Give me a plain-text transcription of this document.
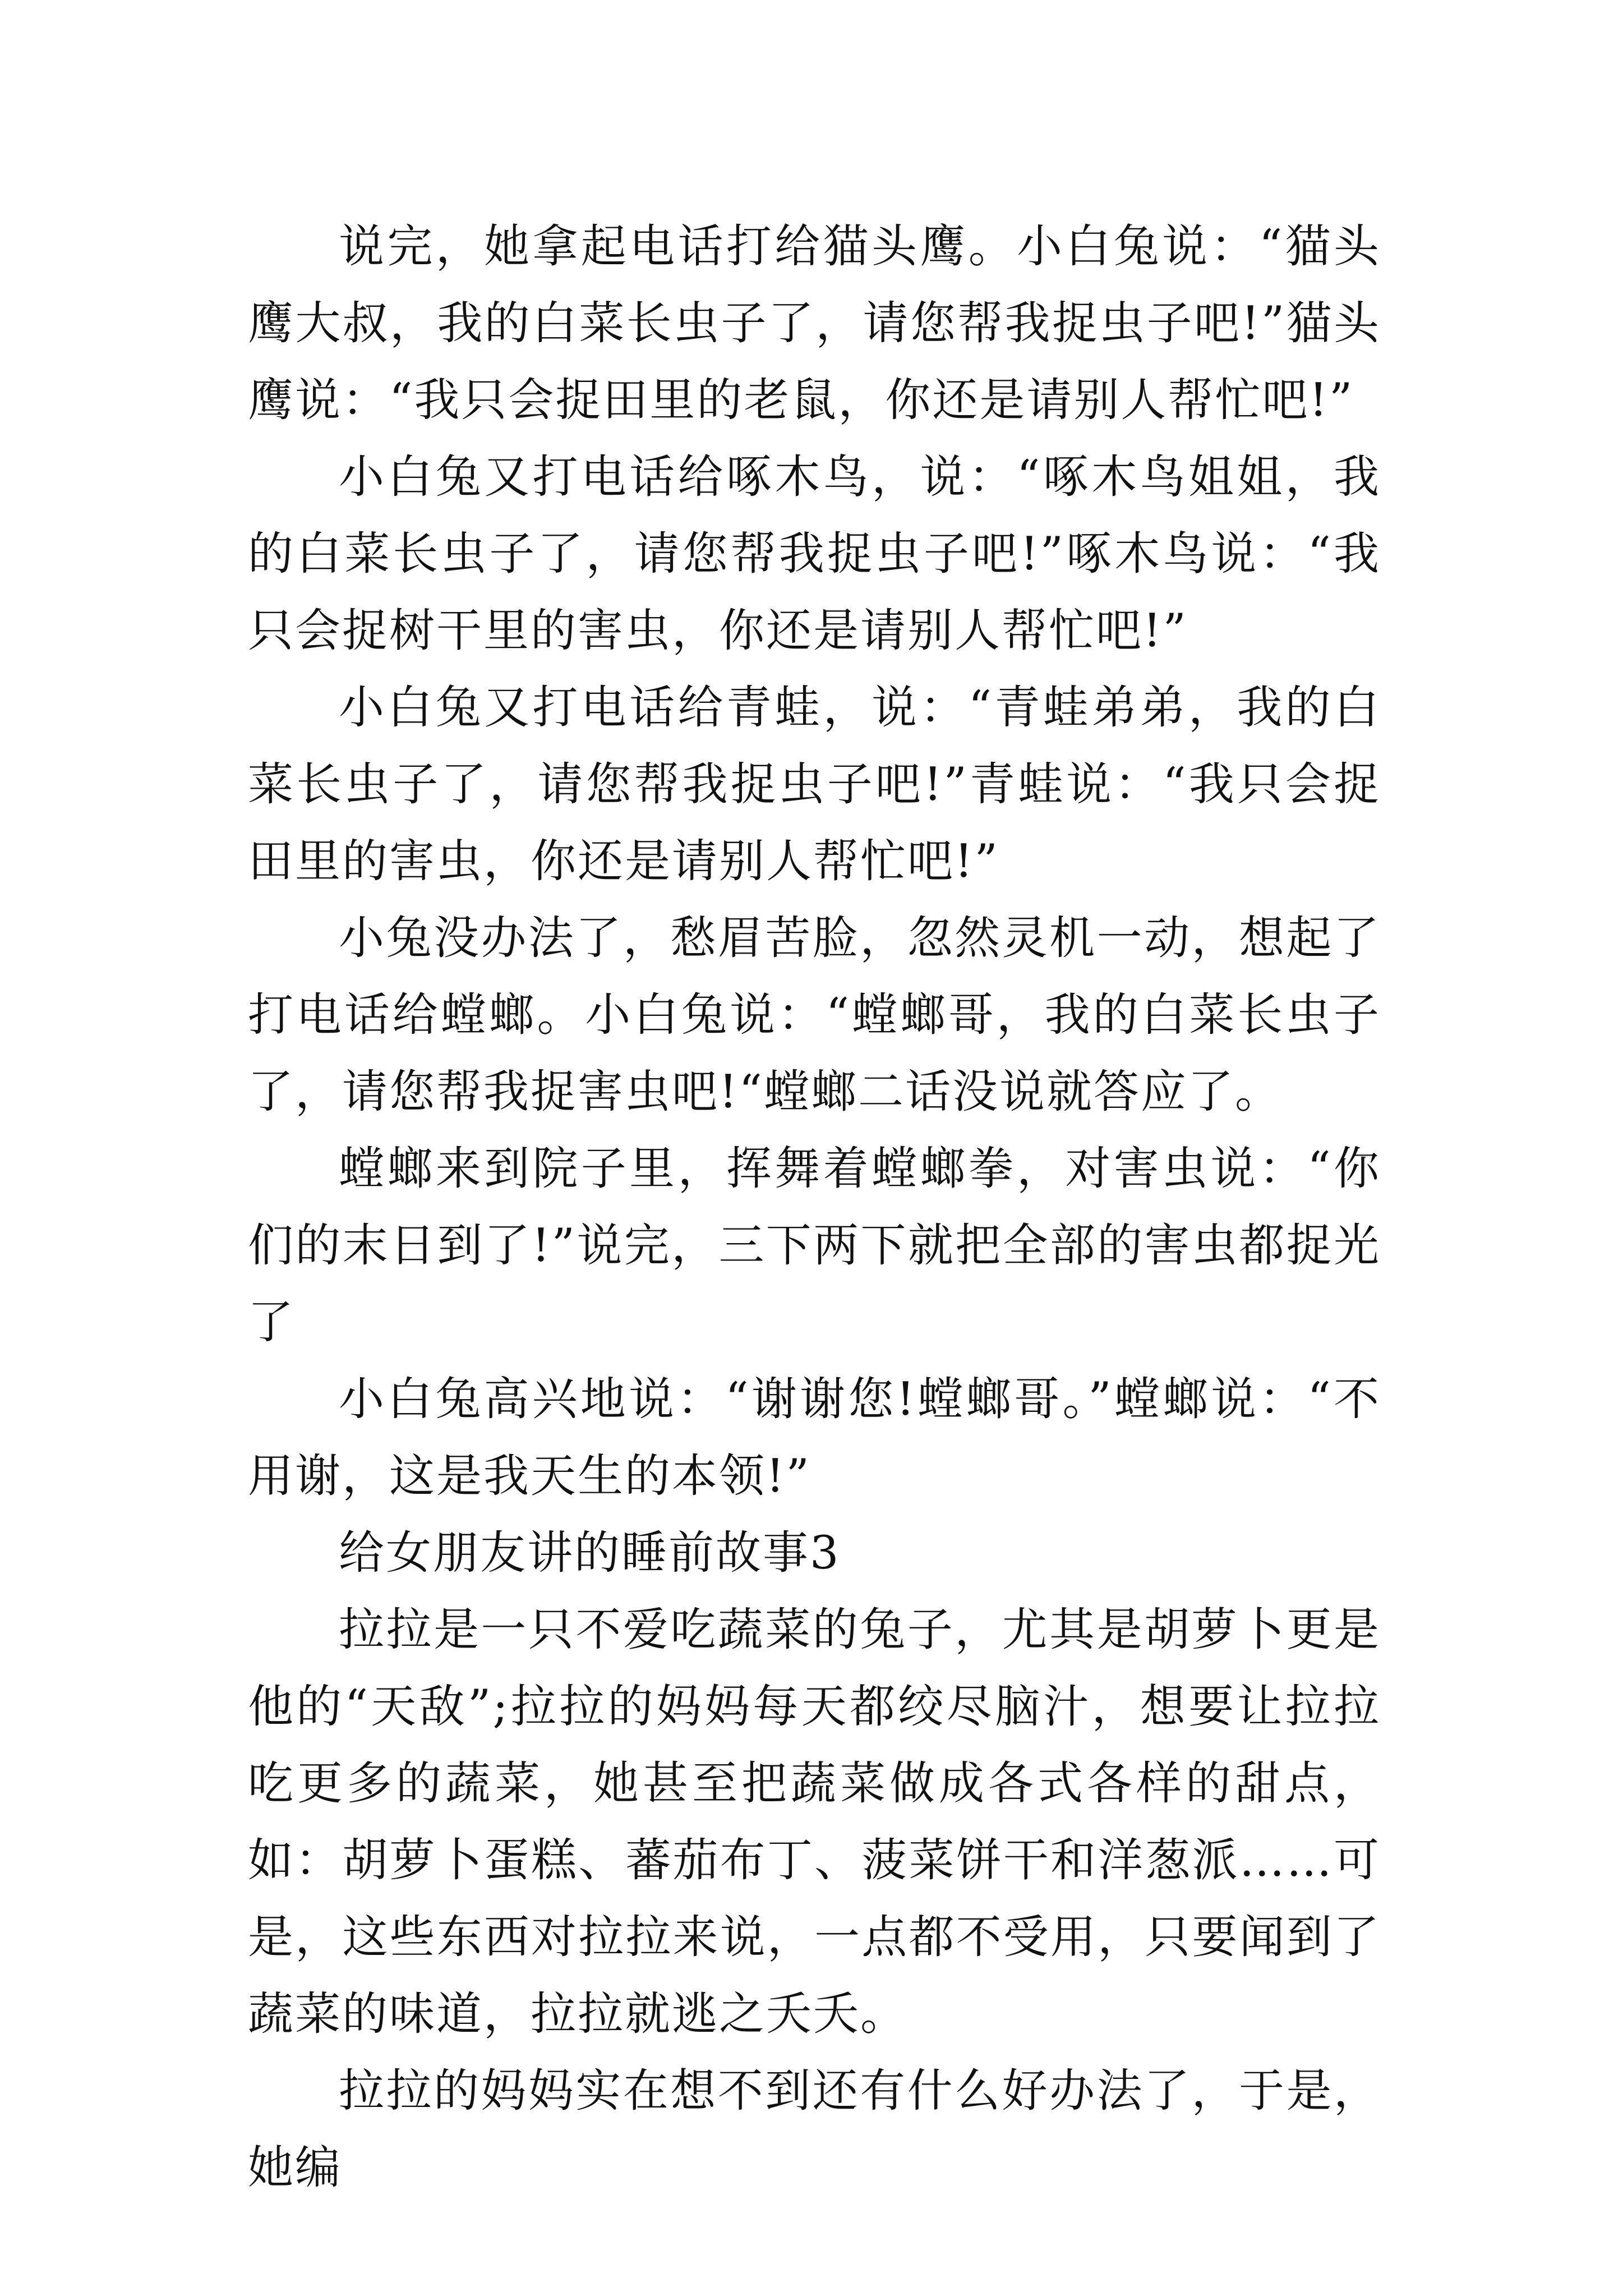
说完，她拿起电话打给猫头鹰。小白兔说：“猫头鹰大叔，我的白菜长虫子了，请您帮我捉虫子吧!”猫头鹰说：“我只会捉田里的老鼠，你还是请别人帮忙吧!”

小白兔又打电话给啄木鸟，说：“啄木鸟姐姐，我的白菜长虫子了，请您帮我捉虫子吧!”啄木鸟说：“我只会捉树干里的害虫，你还是请别人帮忙吧!”

小白兔又打电话给青蛙，说：“青蛙弟弟，我的白菜长虫子了，请您帮我捉虫子吧!”青蛙说：“我只会捉田里的害虫，你还是请别人帮忙吧!”

小兔没办法了，愁眉苦脸，忽然灵机一动，想起了打电话给螳螂。小白兔说：“螳螂哥，我的白菜长虫子了，请您帮我捉害虫吧!“螳螂二话没说就答应了。

螳螂来到院子里，挥舞着螳螂拳，对害虫说：“你们的末日到了!”说完，三下两下就把全部的害虫都捉光了

小白兔高兴地说：“谢谢您!螳螂哥。”螳螂说：“不用谢，这是我天生的本领!”

给女朋友讲的睡前故事3

拉拉是一只不爱吃蔬菜的兔子，尤其是胡萝卜更是他的“天敌”;拉拉的妈妈每天都绞尽脑汁，想要让拉拉吃更多的蔬菜，她甚至把蔬菜做成各式各样的甜点，如：胡萝卜蛋糕、蕃茄布丁、菠菜饼干和洋葱派……可是，这些东西对拉拉来说，一点都不受用，只要闻到了蔬菜的味道，拉拉就逃之夭夭。

拉拉的妈妈实在想不到还有什么好办法了，于是，她编
